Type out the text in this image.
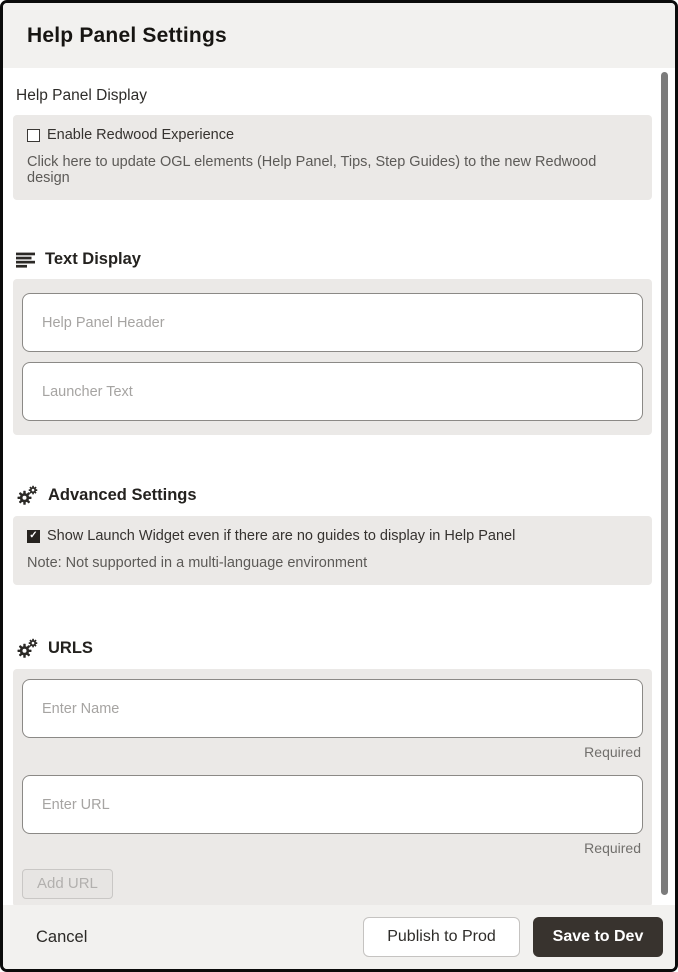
Help Panel Settings
Help Panel Display
Enable Redwood Experience
Click here to update OGL elements (Help Panel, Tips, Step Guides) to the new Redwood design
Text Display
Help Panel Header
Launcher Text
Advanced Settings
✓
Show Launch Widget even if there are no guides to display in Help Panel
Note: Not supported in a multi-language environment
URLS
Enter Name
Required
Enter URL
Required
Add URL
Cancel	Publish to Prod	Save to Dev
